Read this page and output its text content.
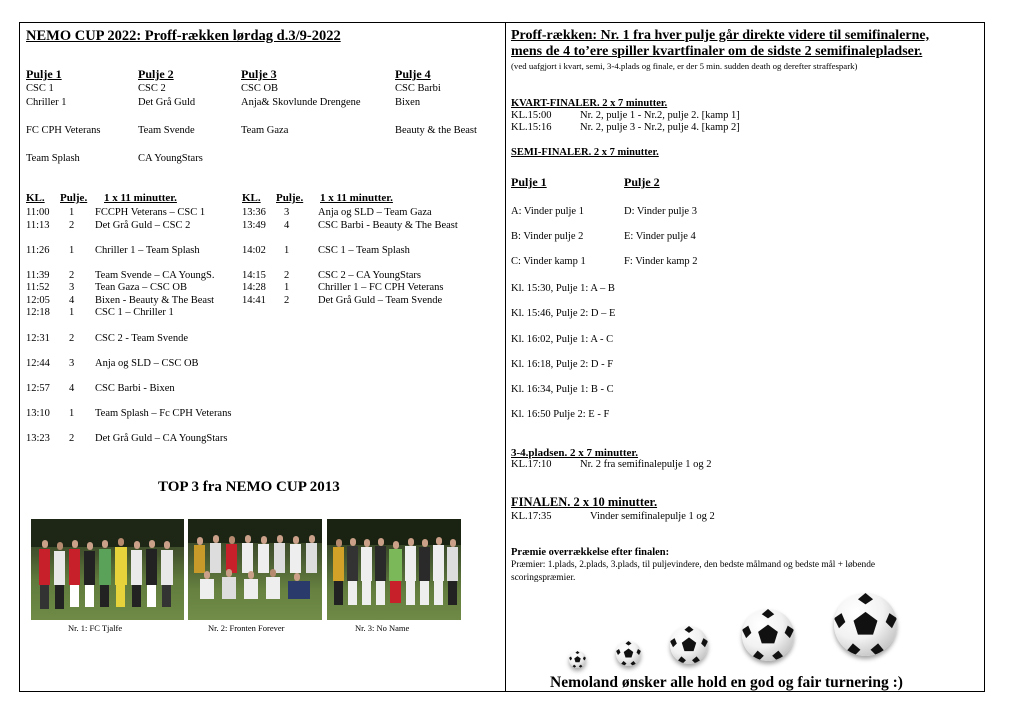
NEMO CUP 2022: Proff-rækken lørdag d.3/9-2022
Pulje 1
CSC 1
Chriller 1
FC CPH Veterans
Team Splash
Pulje 2
CSC 2
Det Grå Guld
Team Svende
CA YoungStars
Pulje 3
CSC OB
Anja& Skovlunde Drengene
Team Gaza
Pulje 4
CSC Barbi
Bixen
Beauty & the Beast
KL. Pulje. 1 x 11 minutter.	KL. Pulje. 1 x 11 minutter.
11:00 1 FCCPH Veterans – CSC 1
11:13 2 Det Grå Guld – CSC 2
11:26 1 Chriller 1 – Team Splash
11:39 2 Team Svende – CA YoungS.
11:52 3 Tean Gaza – CSC OB
12:05 4 Bixen - Beauty & The Beast
12:18 1 CSC 1 – Chriller 1
12:31 2 CSC 2 - Team Svende
12:44 3 Anja og SLD – CSC OB
12:57 4 CSC Barbi - Bixen
13:10 1 Team Splash – Fc CPH Veterans
13:23 2 Det Grå Guld – CA YoungStars
13:36 3	Anja og SLD – Team Gaza
13:49 4	CSC Barbi - Beauty & The Beast
14:02 1	CSC 1 – Team Splash
14:15 2	CSC 2 – CA YoungStars
14:28 1	Chriller 1 – FC CPH Veterans
14:41 2	Det Grå Guld – Team Svende
TOP 3 fra NEMO CUP 2013
Nr. 1: FC Tjalfe	Nr. 2: Fronten Forever	Nr. 3: No Name
Proff-rækken: Nr. 1 fra hver pulje går direkte videre til semifinalerne,
mens de 4 to’ere spiller kvartfinaler om de sidste 2 semifinalepladser.
(ved uafgjort i kvart, semi, 3-4.plads og finale, er der 5 min. sudden death og derefter straffespark)
KVART-FINALER. 2 x 7 minutter.
KL.15:00	Nr. 2, pulje 1 - Nr.2, pulje 2. [kamp 1]
KL.15:16	Nr. 2, pulje 3 - Nr.2, pulje 4. [kamp 2]
SEMI-FINALER. 2 x 7 minutter.
Pulje 1	Pulje 2
A: Vinder pulje 1
B: Vinder pulje 2
C: Vinder kamp 1
D: Vinder pulje 3
E: Vinder pulje 4
F: Vinder kamp 2
Kl. 15:30, Pulje 1: A – B
Kl. 15:46, Pulje 2: D – E
Kl. 16:02, Pulje 1: A - C
Kl. 16:18, Pulje 2: D - F
Kl. 16:34, Pulje 1: B - C
Kl. 16:50 Pulje 2: E - F
3-4.pladsen. 2 x 7 minutter.
KL.17:10	Nr. 2 fra semifinalepulje 1 og 2
FINALEN. 2 x 10 minutter.
KL.17:35	Vinder semifinalepulje 1 og 2
Præmie overrækkelse efter finalen:
Præmier: 1.plads, 2.plads, 3.plads, til puljevindere, den bedste målmand og bedste mål + løbende
scoringspræmier.
Nemoland ønsker alle hold en god og fair turnering :)
